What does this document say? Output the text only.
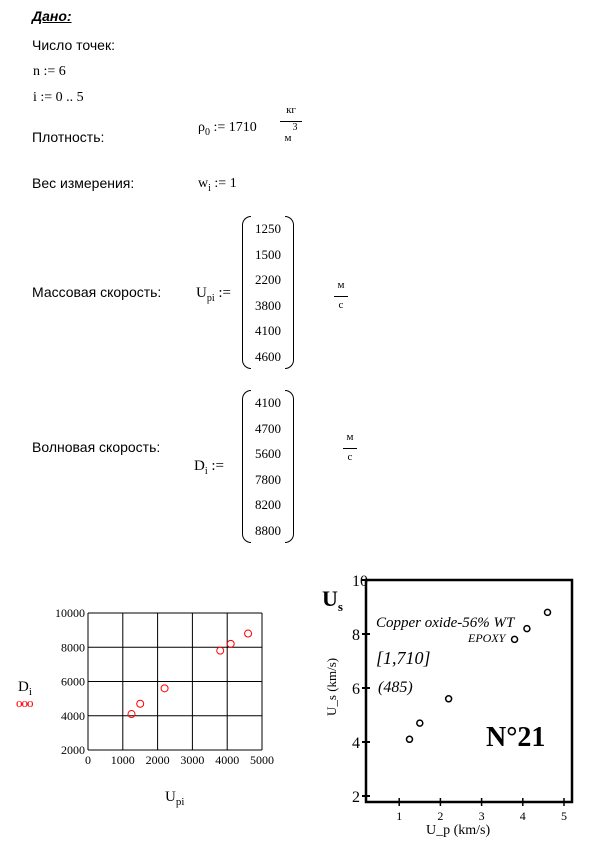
Дано:
Число точек:
n := 6
i := 0 .. 5
Плотность:
$\rho_0$ := 1710
кг
м
3
Вес измерения:	$w_i$ := 1
Массовая скорость: $U_{pi}$ :=
1250
1500
2200
3800
4100
4600
м
с
Волновая скорость:
$D_i$ :=
4100
4700
5600
7800
8200
8800
м
с
0 1000 2000 3000 4000 5000
2000
4000
6000
8000
10000
$D_i$
$U_{pi}$
ooo
2
4
6
8
10
1	2	3	4	5
$U_s$
U_s (km/s)
U_p (km/s)
Copper oxide-56% WT
EPOXY
[1,710]
(485)
N°21
